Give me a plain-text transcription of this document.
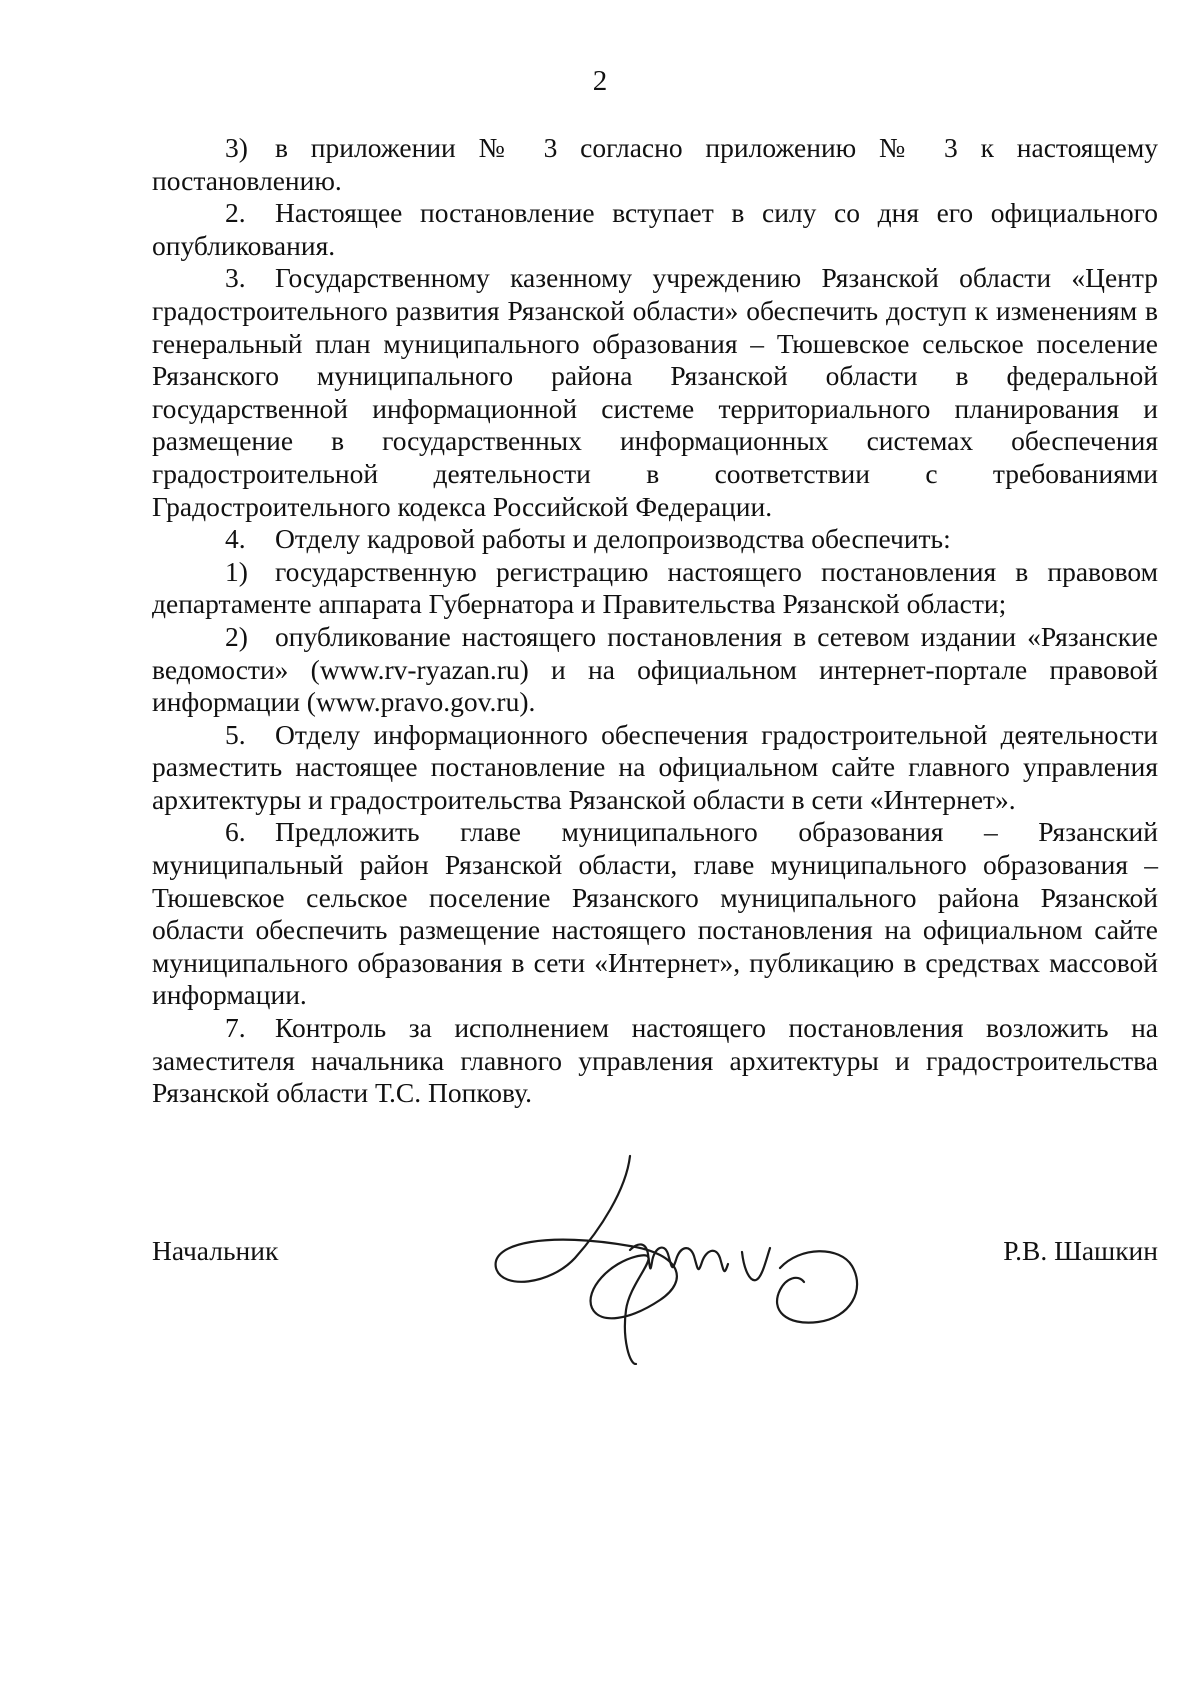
2

3) в приложении № 3 согласно приложению № 3 к настоящему постановлению.

2. Настоящее постановление вступает в силу со дня его официального опубликования.

3. Государственному казенному учреждению Рязанской области «Центр градостроительного развития Рязанской области» обеспечить доступ к изменениям в генеральный план муниципального образования – Тюшевское сельское поселение Рязанского муниципального района Рязанской области в федеральной государственной информационной системе территориального планирования и размещение в государственных информационных системах обеспечения градостроительной деятельности в соответствии с требованиями Градостроительного кодекса Российской Федерации.

4. Отделу кадровой работы и делопроизводства обеспечить:

1) государственную регистрацию настоящего постановления в правовом департаменте аппарата Губернатора и Правительства Рязанской области;

2) опубликование настоящего постановления в сетевом издании «Рязанские ведомости» (www.rv-ryazan.ru) и на официальном интернет-портале правовой информации (www.pravo.gov.ru).

5. Отделу информационного обеспечения градостроительной деятельности разместить настоящее постановление на официальном сайте главного управления архитектуры и градостроительства Рязанской области в сети «Интернет».

6. Предложить главе муниципального образования – Рязанский муниципальный район Рязанской области, главе муниципального образования – Тюшевское сельское поселение Рязанского муниципального района Рязанской области обеспечить размещение настоящего постановления на официальном сайте муниципального образования в сети «Интернет», публикацию в средствах массовой информации.

7. Контроль за исполнением настоящего постановления возложить на заместителя начальника главного управления архитектуры и градостроительства Рязанской области Т.С. Попкову.

Начальник	Р.В. Шашкин
